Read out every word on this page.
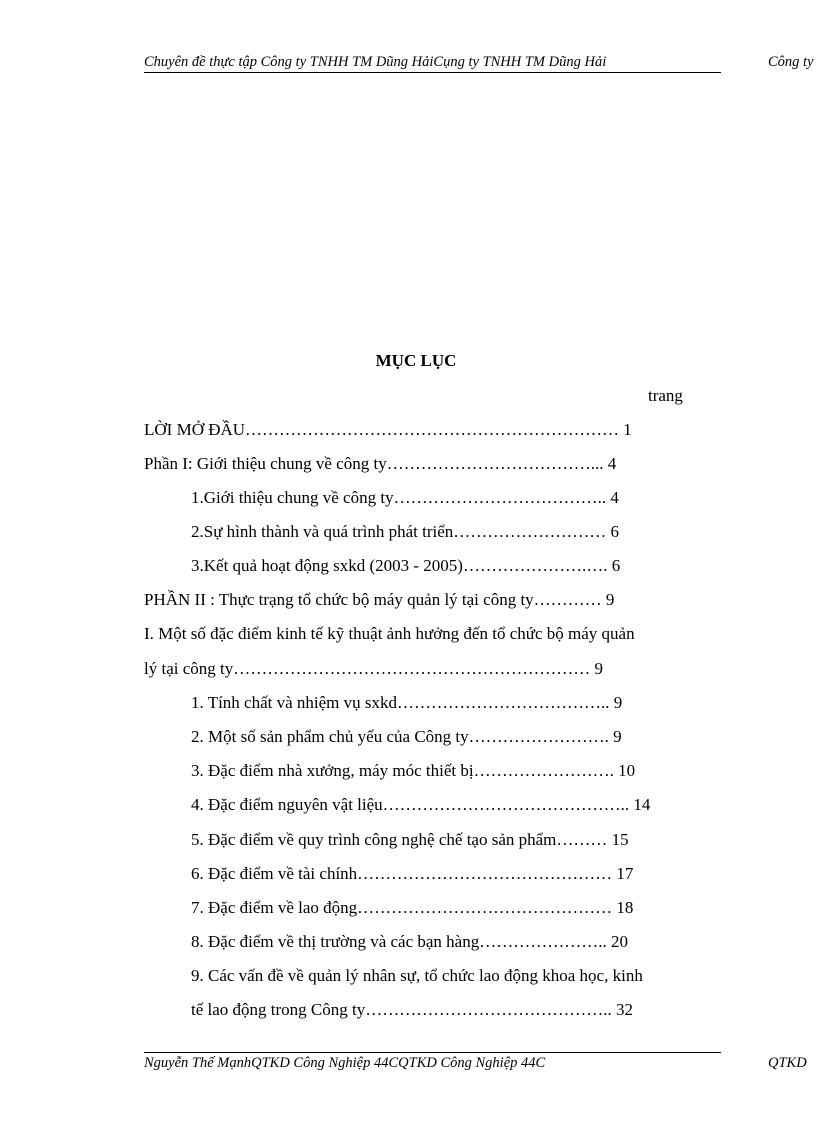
Chuyên đề thực tập Công ty TNHH TM Dũng HảiCụng ty TNHH TM Dũng Hải	Công ty
MỤC LỤC
trang
LỜI MỞ ĐẦU………………………………………………………… 1
Phần I: Giới thiệu chung về công ty………………………………... 4
1.Giới thiệu chung về công ty……………………………….. 4
2.Sự hình thành và quá trình phát triển……………………… 6
3.Kết quả hoạt động sxkd (2003 - 2005)………………….…. 6
PHẦN II : Thực trạng tổ chức bộ máy quản lý tại công ty………… 9
I. Một số đặc điểm kinh tế kỹ thuật ảnh hưởng đến tổ chức bộ máy quản
lý tại công ty……………………………………………………… 9
1. Tính chất và nhiệm vụ sxkd……………………………….. 9
2. Một số sản phẩm chủ yếu của Công ty……………………. 9
3. Đặc điểm nhà xưởng, máy móc thiết bị……………………. 10
4. Đặc điểm nguyên vật liệu…………………………………….. 14
5. Đặc điểm về quy trình công nghệ chế tạo sản phẩm……… 15
6. Đặc điểm về tài chính……………………………………… 17
7. Đặc điểm về lao động……………………………………… 18
8. Đặc điểm về thị trường và các bạn hàng………………….. 20
9. Các vấn đề về quản lý nhân sự, tổ chức lao động khoa học, kinh
tế lao động trong Công ty…………………………………….. 32
Nguyễn Thế MạnhQTKD Công Nghiệp 44CQTKD Công Nghiệp 44C	QTKD
